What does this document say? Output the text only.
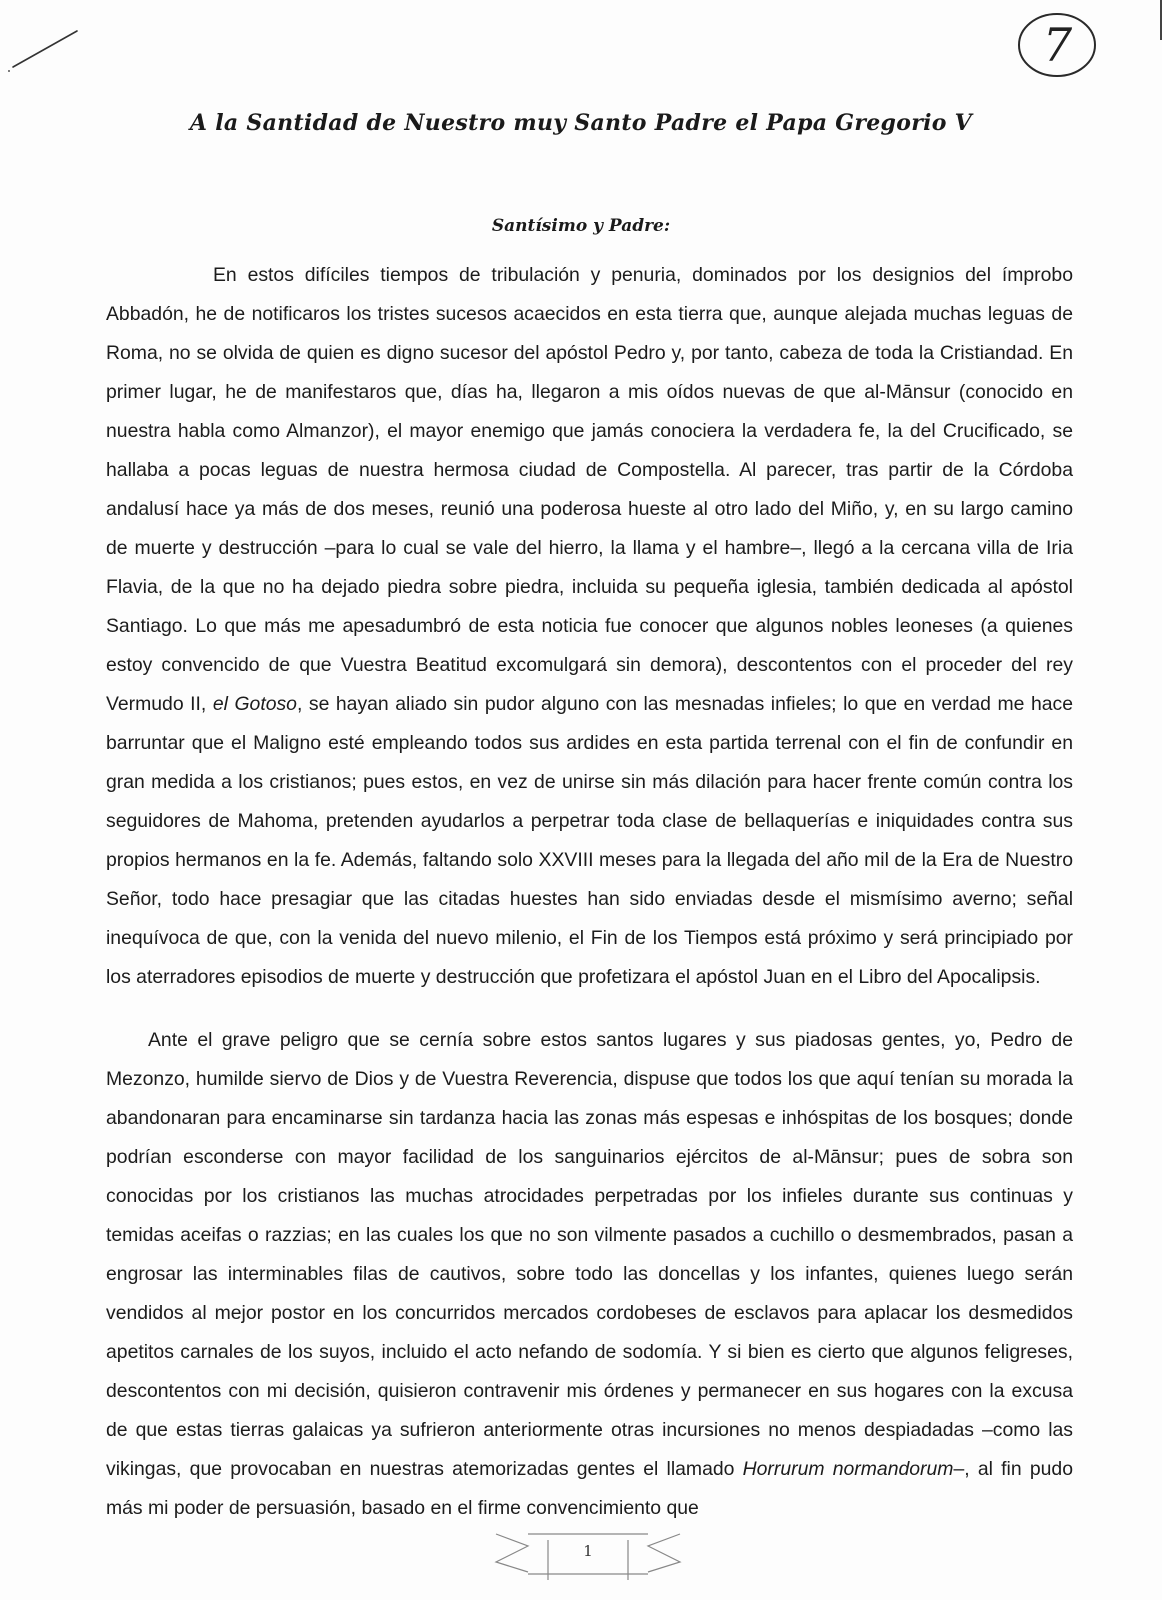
7
A la Santidad de Nuestro muy Santo Padre el Papa Gregorio V
Santísimo y Padre:

En estos difíciles tiempos de tribulación y penuria, dominados por los designios del ímprobo Abbadón, he de notificaros los tristes sucesos acaecidos en esta tierra que, aunque alejada muchas leguas de Roma, no se olvida de quien es digno sucesor del apóstol Pedro y, por tanto, cabeza de toda la Cristiandad. En primer lugar, he de manifestaros que, días ha, llegaron a mis oídos nuevas de que al-Mānsur (conocido en nuestra habla como Almanzor), el mayor enemigo que jamás conociera la verdadera fe, la del Crucificado, se hallaba a pocas leguas de nuestra hermosa ciudad de Compostella. Al parecer, tras partir de la Córdoba andalusí hace ya más de dos meses, reunió una poderosa hueste al otro lado del Miño, y, en su largo camino de muerte y destrucción –para lo cual se vale del hierro, la llama y el hambre–, llegó a la cercana villa de Iria Flavia, de la que no ha dejado piedra sobre piedra, incluida su pequeña iglesia, también dedicada al apóstol Santiago. Lo que más me apesadumbró de esta noticia fue conocer que algunos nobles leoneses (a quienes estoy convencido de que Vuestra Beatitud excomulgará sin demora), descontentos con el proceder del rey Vermudo II, el Gotoso, se hayan aliado sin pudor alguno con las mesnadas infieles; lo que en verdad me hace barruntar que el Maligno esté empleando todos sus ardides en esta partida terrenal con el fin de confundir en gran medida a los cristianos; pues estos, en vez de unirse sin más dilación para hacer frente común contra los seguidores de Mahoma, pretenden ayudarlos a perpetrar toda clase de bellaquerías e iniquidades contra sus propios hermanos en la fe. Además, faltando solo XXVIII meses para la llegada del año mil de la Era de Nuestro Señor, todo hace presagiar que las citadas huestes han sido enviadas desde el mismísimo averno; señal inequívoca de que, con la venida del nuevo milenio, el Fin de los Tiempos está próximo y será principiado por los aterradores episodios de muerte y destrucción que profetizara el apóstol Juan en el Libro del Apocalipsis.

Ante el grave peligro que se cernía sobre estos santos lugares y sus piadosas gentes, yo, Pedro de Mezonzo, humilde siervo de Dios y de Vuestra Reverencia, dispuse que todos los que aquí tenían su morada la abandonaran para encaminarse sin tardanza hacia las zonas más espesas e inhóspitas de los bosques; donde podrían esconderse con mayor facilidad de los sanguinarios ejércitos de al-Mānsur; pues de sobra son conocidas por los cristianos las muchas atrocidades perpetradas por los infieles durante sus continuas y temidas aceifas o razzias; en las cuales los que no son vilmente pasados a cuchillo o desmembrados, pasan a engrosar las interminables filas de cautivos, sobre todo las doncellas y los infantes, quienes luego serán vendidos al mejor postor en los concurridos mercados cordobeses de esclavos para aplacar los desmedidos apetitos carnales de los suyos, incluido el acto nefando de sodomía. Y si bien es cierto que algunos feligreses, descontentos con mi decisión, quisieron contravenir mis órdenes y permanecer en sus hogares con la excusa de que estas tierras galaicas ya sufrieron anteriormente otras incursiones no menos despiadadas –como las vikingas, que provocaban en nuestras atemorizadas gentes el llamado Horrurum normandorum–, al fin pudo más mi poder de persuasión, basado en el firme convencimiento que

1
